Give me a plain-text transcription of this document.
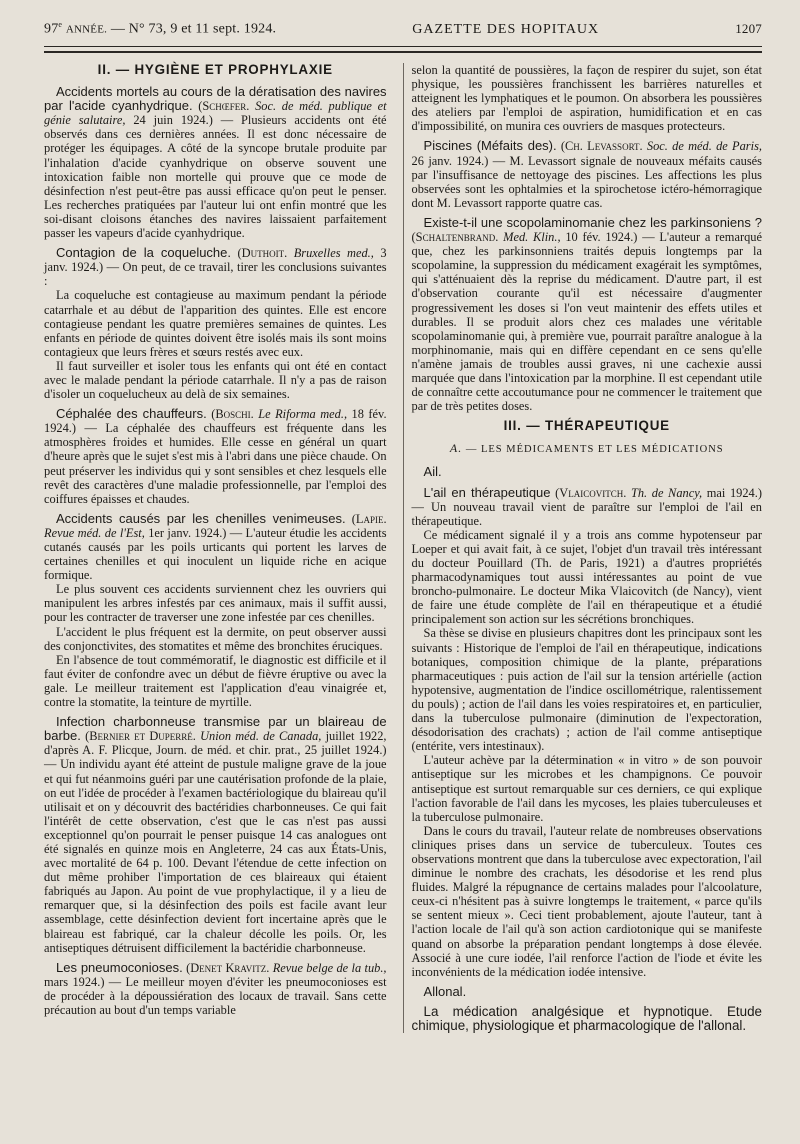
97e ANNÉE. — N° 73, 9 et 11 sept. 1924.	GAZETTE DES HOPITAUX	1207
II. — HYGIÈNE ET PROPHYLAXIE

Accidents mortels au cours de la dératisation des navires par l'acide cyanhydrique. (Schœfer. Soc. de méd. publique et génie salutaire, 24 juin 1924.) — Plusieurs accidents ont été observés dans ces dernières années. Il est donc nécessaire de protéger les équipages. A côté de la syncope brutale produite par l'inhalation d'acide cyanhydrique on observe souvent une intoxication faible non mortelle qui prouve que ce mode de désinfection n'est peut-être pas aussi efficace qu'on peut le penser. Les recherches pratiquées par l'auteur lui ont enfin montré que les soi-disant cloisons étanches des navires laissaient parfaitement passer les vapeurs d'acide cyanhydrique.

Contagion de la coqueluche. (Duthoit. Bruxelles med., 3 janv. 1924.) — On peut, de ce travail, tirer les conclusions suivantes :

La coqueluche est contagieuse au maximum pendant la période catarrhale et au début de l'apparition des quintes. Elle est encore contagieuse pendant les quatre premières semaines de quintes. Les enfants en période de quintes doivent être isolés mais ils sont moins contagieux que leurs frères et sœurs restés avec eux.

Il faut surveiller et isoler tous les enfants qui ont été en contact avec le malade pendant la période catarrhale. Il n'y a pas de raison d'isoler un coquelucheux au delà de six semaines.

Céphalée des chauffeurs. (Boschi. Le Riforma med., 18 fév. 1924.) — La céphalée des chauffeurs est fréquente dans les atmosphères froides et humides. Elle cesse en général un quart d'heure après que le sujet s'est mis à l'abri dans une pièce chaude. On peut préserver les individus qui y sont sensibles et chez lesquels elle revêt des caractères d'une maladie professionnelle, par l'emploi des coiffures épaisses et chaudes.

Accidents causés par les chenilles venimeuses. (Lapie. Revue méd. de l'Est, 1er janv. 1924.) — L'auteur étudie les accidents cutanés causés par les poils urticants qui portent les larves de certaines chenilles et qui inoculent un liquide riche en acique formique.

Le plus souvent ces accidents surviennent chez les ouvriers qui manipulent les arbres infestés par ces animaux, mais il suffit aussi, pour les contracter de traverser une zone infestée par ces chenilles.

L'accident le plus fréquent est la dermite, on peut observer aussi des conjonctivites, des stomatites et même des bronchites éruciques.

En l'absence de tout commémoratif, le diagnostic est difficile et il faut éviter de confondre avec un début de fièvre éruptive ou avec la gale. Le meilleur traitement est l'application d'eau vinaigrée et, contre la stomatite, la teinture de myrtille.

Infection charbonneuse transmise par un blaireau de barbe. (Bernier et Duperré. Union méd. de Canada, juillet 1922, d'après A. F. Plicque, Journ. de méd. et chir. prat., 25 juillet 1924.) — Un individu ayant été atteint de pustule maligne grave de la joue et qui fut néanmoins guéri par une cautérisation profonde de la plaie, on eut l'idée de procéder à l'examen bactériologique du blaireau qu'il utilisait et on y découvrit des bactéridies charbonneuses. Ce qui fait l'intérêt de cette observation, c'est que le cas n'est pas aussi exceptionnel qu'on pourrait le penser puisque 14 cas analogues ont été signalés en quinze mois en Angleterre, 24 cas aux États-Unis, avec mortalité de 64 p. 100. Devant l'étendue de cette infection on dut même prohiber l'importation de ces blaireaux qui étaient fabriqués au Japon. Au point de vue prophylactique, il y a lieu de remarquer que, si la désinfection des poils est facile avant leur assemblage, cette désinfection devient fort incertaine après que le blaireau est fabriqué, car la chaleur décolle les poils. Or, les antiseptiques détruisent difficilement la bactéridie charbonneuse.

Les pneumoconioses. (Denet Kravitz. Revue belge de la tub., mars 1924.) — Le meilleur moyen d'éviter les pneumoconioses est de procéder à la dépoussiération des locaux de travail. Sans cette précaution au bout d'un temps variable

selon la quantité de poussières, la façon de respirer du sujet, son état physique, les poussières franchissent les barrières naturelles et atteignent les lymphatiques et le poumon. On absorbera les poussières des ateliers par l'emploi de aspiration, humidification et en cas d'impossibilité, on munira ces ouvriers de masques protecteurs.

Piscines (Méfaits des). (Ch. Levassort. Soc. de méd. de Paris, 26 janv. 1924.) — M. Levassort signale de nouveaux méfaits causés par l'insuffisance de nettoyage des piscines. Les affections les plus observées sont les ophtalmies et la spirochetose ictéro-hémorragique dont M. Levassort rapporte quatre cas.

Existe-t-il une scopolaminomanie chez les parkinsoniens ? (Schaltenbrand. Med. Klin., 10 fév. 1924.) — L'auteur a remarqué que, chez les parkinsonniens traités depuis longtemps par la scopolamine, la suppression du médicament exagérait les symptômes, qui s'atténuaient dès la reprise du médicament. D'autre part, il est d'observation courante qu'il est nécessaire d'augmenter progressivement les doses si l'on veut maintenir des effets utiles et durables. Il se produit alors chez ces malades une véritable scopolaminomanie qui, à première vue, pourrait paraître analogue à la morphinomanie, mais qui en diffère cependant en ce sens qu'elle n'amène jamais de troubles aussi graves, ni une cachexie aussi marquée que dans l'intoxication par la morphine. Il est cependant utile de connaître cette accoutumance pour ne commencer le traitement que par de très petites doses.

III. — THÉRAPEUTIQUE
A. — LES MÉDICAMENTS ET LES MÉDICATIONS
Ail.

L'ail en thérapeutique (Vlaicovitch. Th. de Nancy, mai 1924.) — Un nouveau travail vient de paraître sur l'emploi de l'ail en thérapeutique.

Ce médicament signalé il y a trois ans comme hypotenseur par Loeper et qui avait fait, à ce sujet, l'objet d'un travail très intéressant du docteur Pouillard (Th. de Paris, 1921) a d'autres propriétés pharmacodynamiques tout aussi intéressantes au point de vue broncho-pulmonaire. Le docteur Mika Vlaicovitch (de Nancy), vient de faire une étude complète de l'ail en thérapeutique et a étudié principalement son action sur les sécrétions bronchiques.

Sa thèse se divise en plusieurs chapitres dont les principaux sont les suivants : Historique de l'emploi de l'ail en thérapeutique, indications botaniques, composition chimique de la plante, préparations pharmaceutiques : puis action de l'ail sur la tension artérielle (action hypotensive, augmentation de l'indice oscillométrique, ralentissement du pouls) ; action de l'ail dans les voies respiratoires et, en particulier, dans la tuberculose pulmonaire (diminution de l'expectoration, désodorisation des crachats) ; action de l'ail comme antiseptique (entérite, vers intestinaux).

L'auteur achève par la détermination « in vitro » de son pouvoir antiseptique sur les microbes et les champignons. Ce pouvoir antiseptique est surtout remarquable sur ces derniers, ce qui explique l'action favorable de l'ail dans les mycoses, les plaies tuberculeuses et la tuberculose pulmonaire.

Dans le cours du travail, l'auteur relate de nombreuses observations cliniques prises dans un service de tuberculeux. Toutes ces observations montrent que dans la tuberculose avec expectoration, l'ail diminue le nombre des crachats, les désodorise et les rend plus fluides. Malgré la répugnance de certains malades pour l'alcoolature, ceux-ci n'hésitent pas à suivre longtemps le traitement, « parce qu'ils se sentent mieux ». Ceci tient probablement, ajoute l'auteur, tant à l'action locale de l'ail qu'à son action cardiotonique qui se manifeste quand on absorbe la préparation pendant longtemps à dose élevée. Associé à une cure iodée, l'ail renforce l'action de l'iode et évite les inconvénients de la médication iodée intensive.

Allonal.

La médication analgésique et hypnotique. Etude chimique, physiologique et pharmacologique de l'allonal.
